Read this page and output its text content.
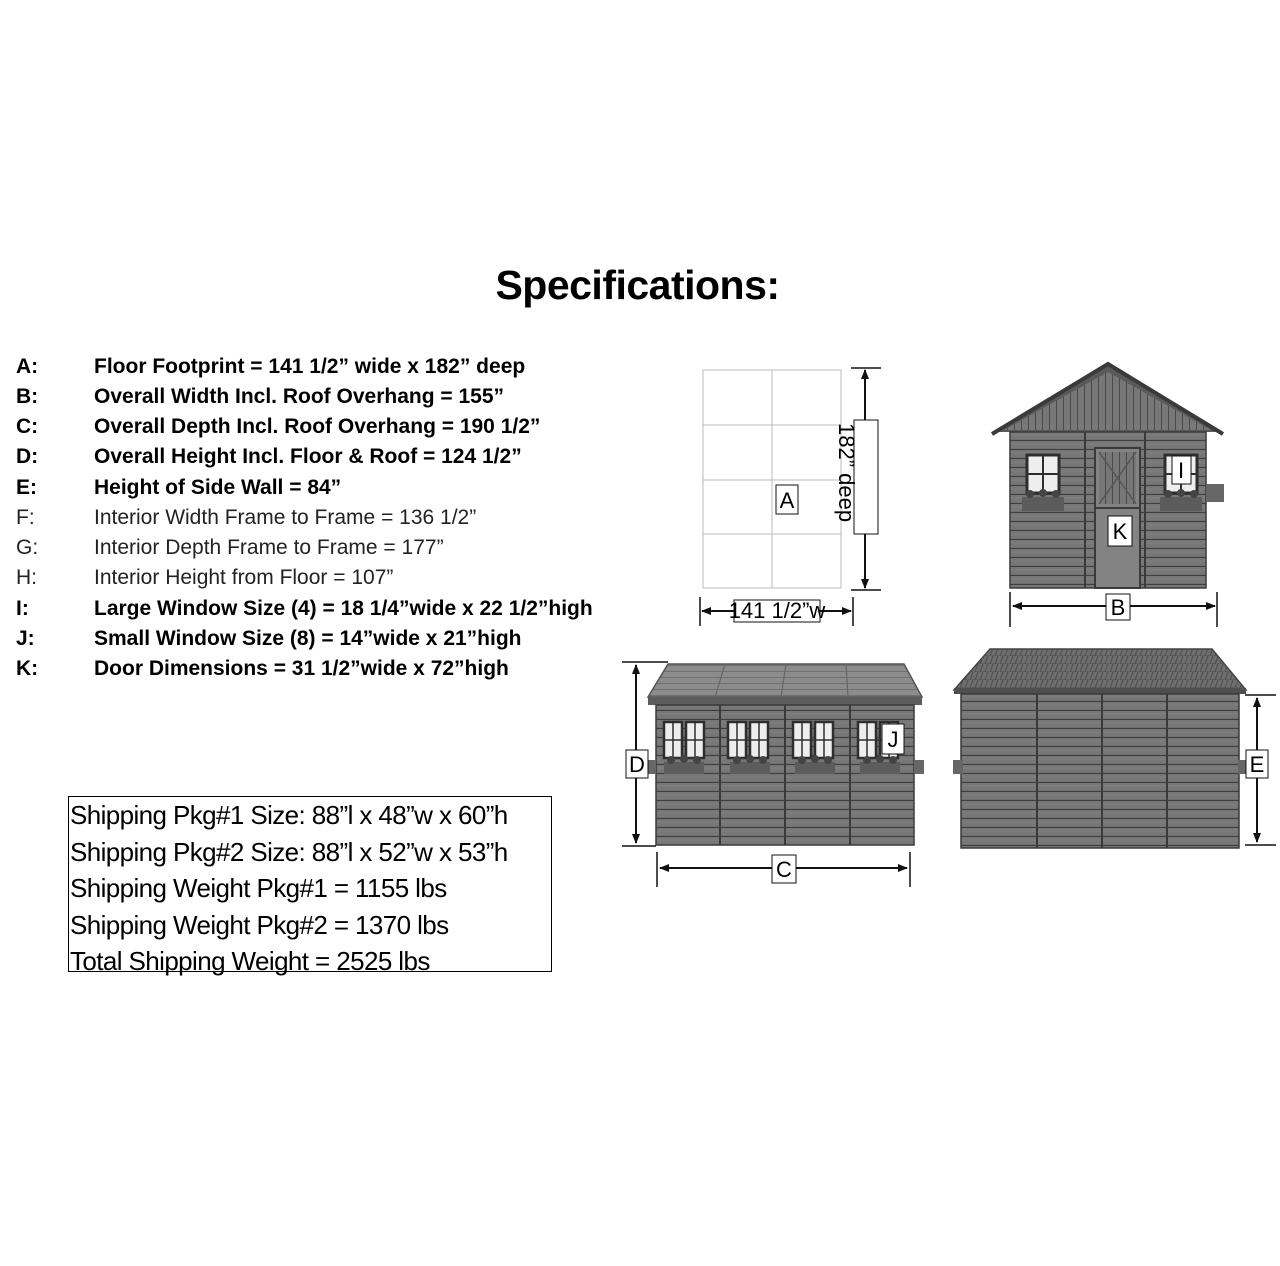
Specifications:
A:	Floor Footprint = 141 1/2” wide x 182” deep
B:	Overall Width Incl. Roof Overhang = 155”
C:	Overall Depth Incl. Roof Overhang = 190 1/2”
D:	Overall Height Incl. Floor & Roof = 124 1/2”
E:	Height of Side Wall = 84”
F:	Interior Width Frame to Frame = 136 1/2”
G:	Interior Depth Frame to Frame = 177”
H:	Interior Height from Floor = 107”
I:	Large Window Size (4) = 18 1/4”wide x 22 1/2”high
J:	Small Window Size (8) = 14”wide x 21”high
K:	Door Dimensions = 31 1/2”wide x 72”high
Shipping Pkg#1 Size: 88”l x 48”w x 60”h
Shipping Pkg#2 Size: 88”l x 52”w x 53”h
Shipping Weight Pkg#1 = 1155 lbs
Shipping Weight Pkg#2 = 1370 lbs
Total Shipping Weight = 2525 lbs
182” deep
141 1/2”w
A
I
K
B
J
D
C
E
